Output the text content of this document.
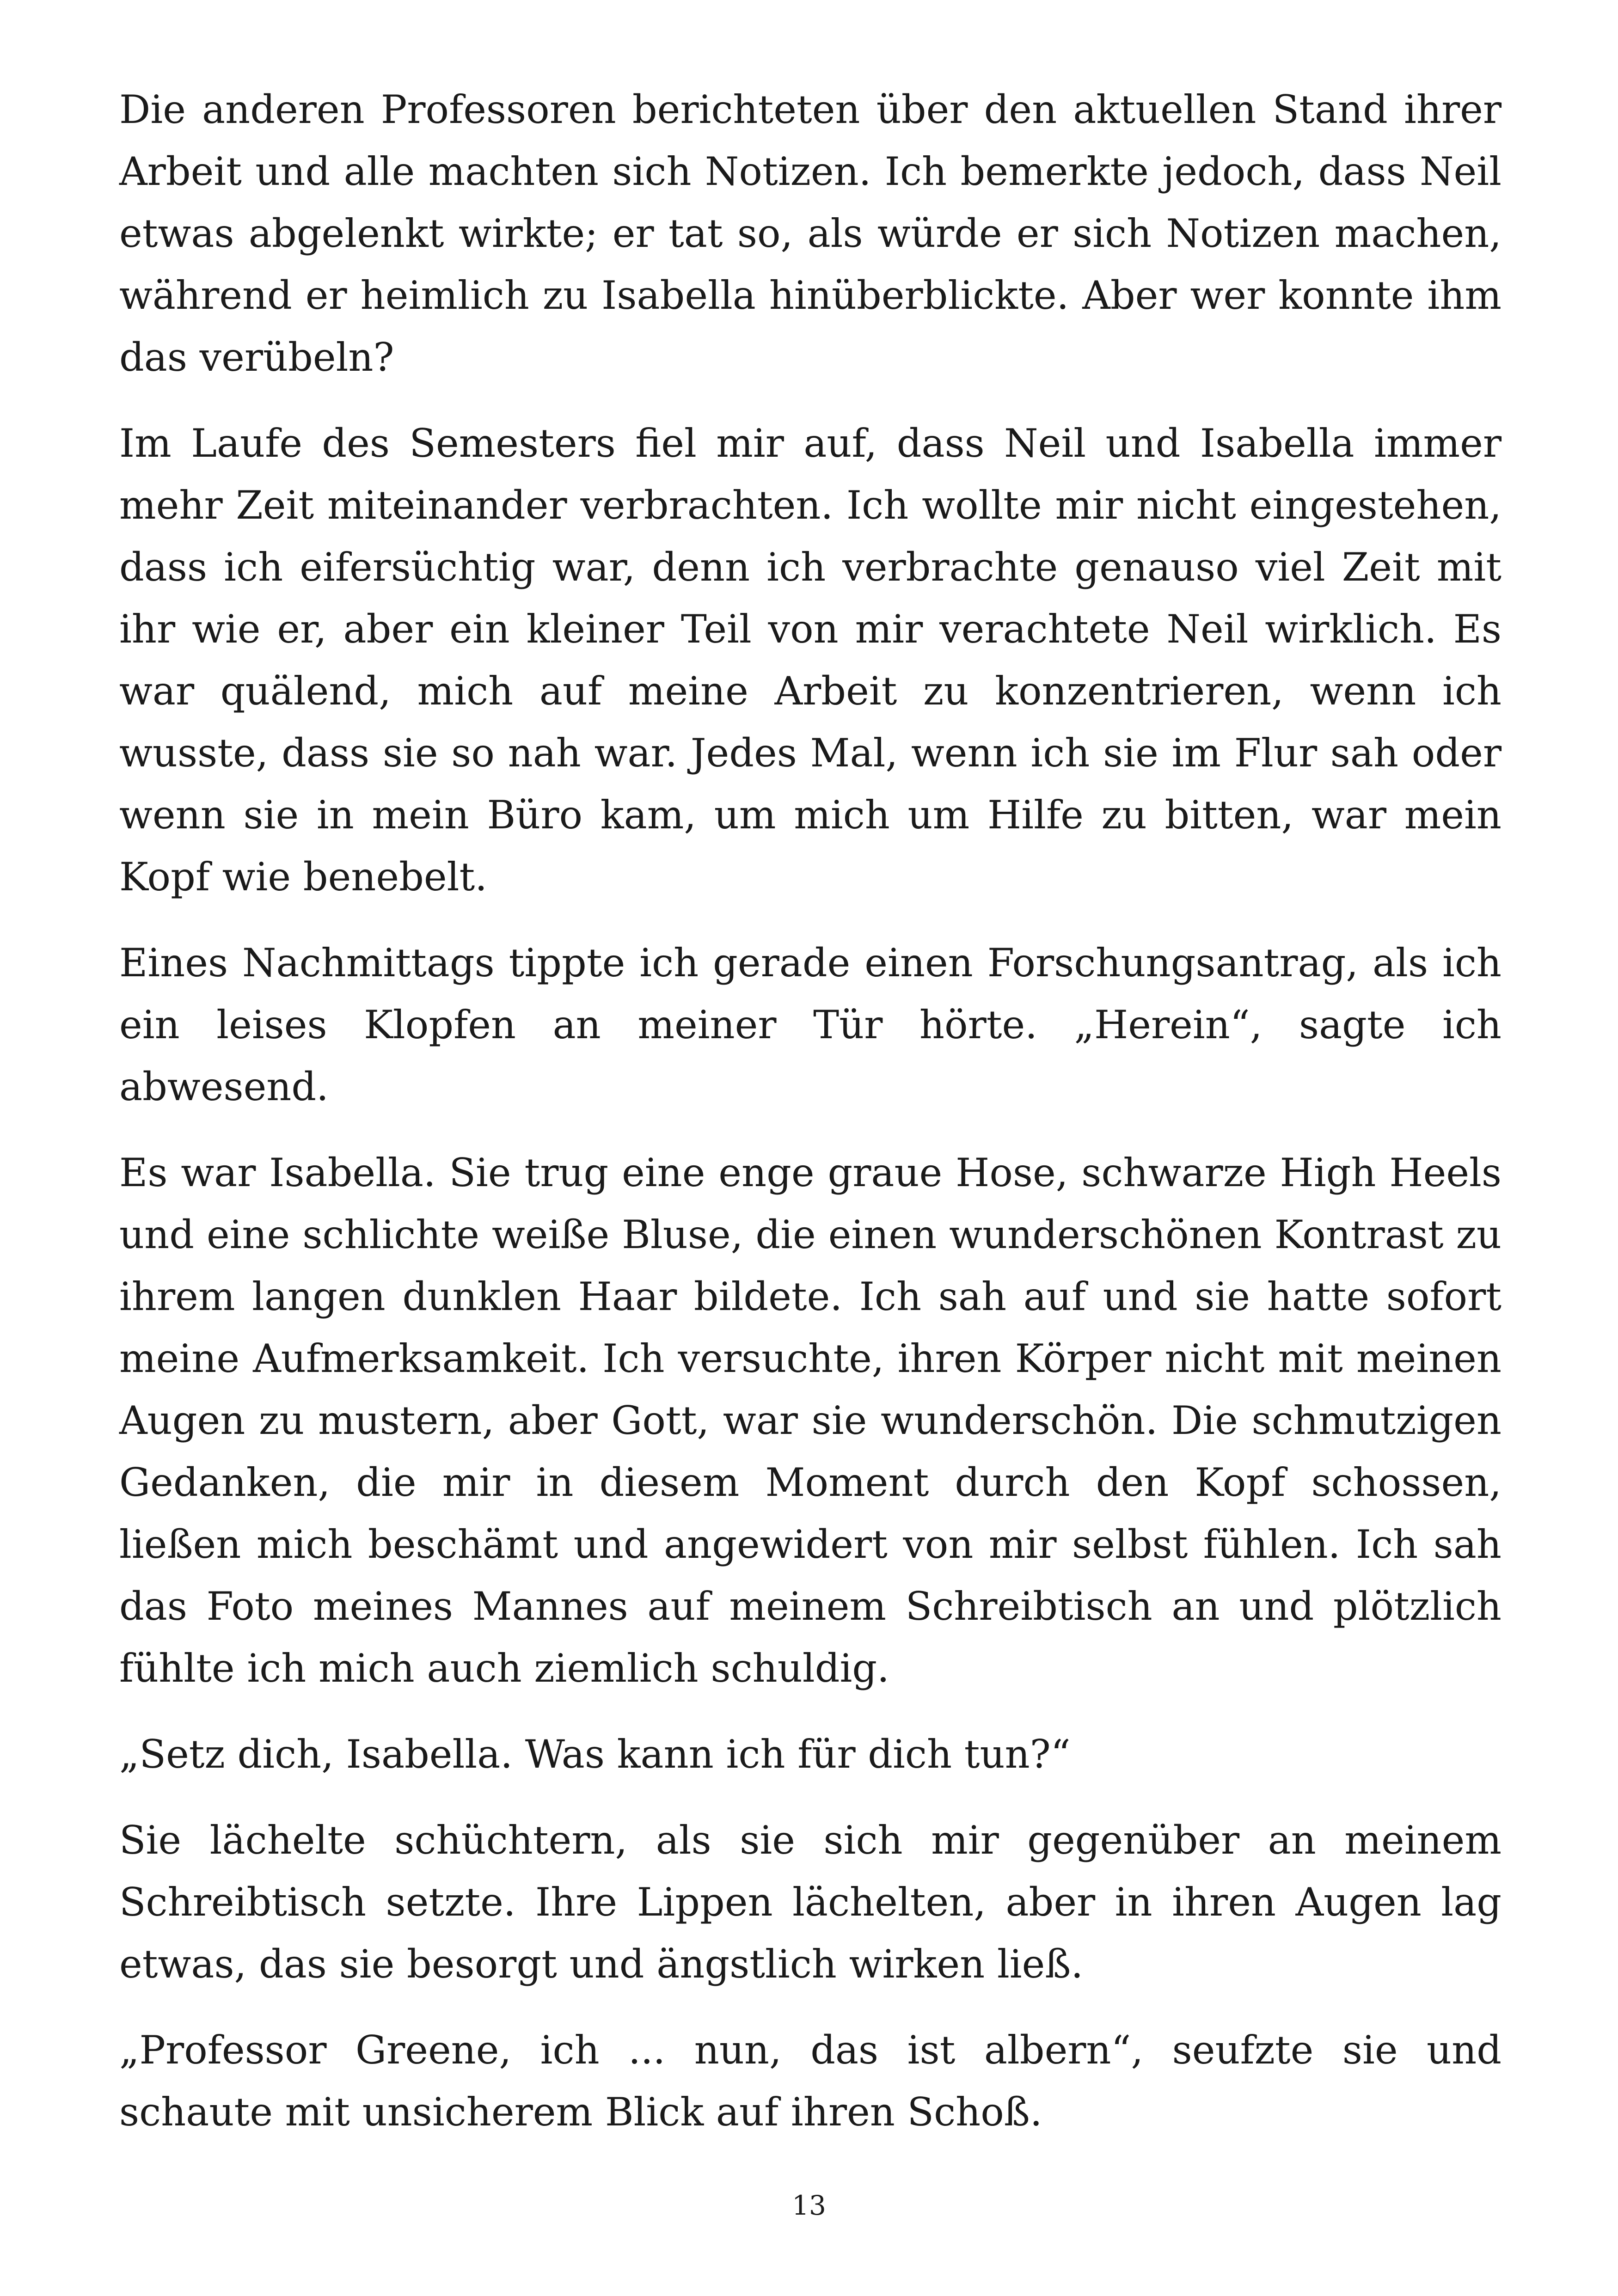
Die anderen Professoren berichteten über den aktuellen Stand ihrer Arbeit und alle machten sich Notizen. Ich bemerkte jedoch, dass Neil etwas abgelenkt wirkte; er tat so, als würde er sich Notizen machen, während er heimlich zu Isabella hinüberblickte. Aber wer konnte ihm das verübeln?

Im Laufe des Semesters fiel mir auf, dass Neil und Isabella immer mehr Zeit miteinander verbrachten. Ich wollte mir nicht eingestehen, dass ich eifersüchtig war, denn ich verbrachte genauso viel Zeit mit ihr wie er, aber ein kleiner Teil von mir verachtete Neil wirklich. Es war quälend, mich auf meine Arbeit zu konzentrieren, wenn ich wusste, dass sie so nah war. Jedes Mal, wenn ich sie im Flur sah oder wenn sie in mein Büro kam, um mich um Hilfe zu bitten, war mein Kopf wie benebelt.

Eines Nachmittags tippte ich gerade einen Forschungsantrag, als ich ein leises Klopfen an meiner Tür hörte. „Herein“, sagte ich abwesend.

Es war Isabella. Sie trug eine enge graue Hose, schwarze High Heels und eine schlichte weiße Bluse, die einen wunderschönen Kontrast zu ihrem langen dunklen Haar bildete. Ich sah auf und sie hatte sofort meine Aufmerksamkeit. Ich versuchte, ihren Körper nicht mit meinen Augen zu mustern, aber Gott, war sie wunderschön. Die schmutzigen Gedanken, die mir in diesem Moment durch den Kopf schossen, ließen mich beschämt und angewidert von mir selbst fühlen. Ich sah das Foto meines Mannes auf meinem Schreibtisch an und plötzlich fühlte ich mich auch ziemlich schuldig.

„Setz dich, Isabella. Was kann ich für dich tun?“

Sie lächelte schüchtern, als sie sich mir gegenüber an meinem Schreibtisch setzte. Ihre Lippen lächelten, aber in ihren Augen lag etwas, das sie besorgt und ängstlich wirken ließ.

„Professor Greene, ich ... nun, das ist albern“, seufzte sie und schaute mit unsicherem Blick auf ihren Schoß.

13
